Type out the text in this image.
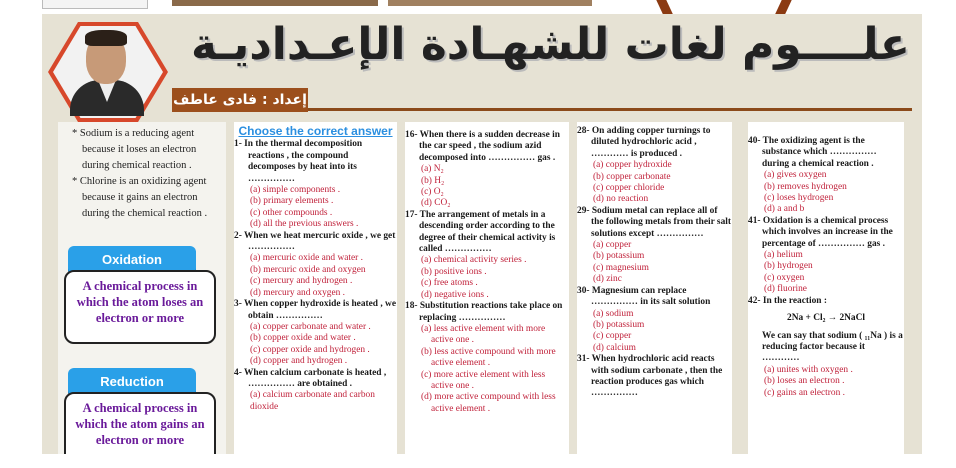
علــــوم لغات للشهـادة الإعـداديـة
إعداد : فادى عاطف

* Sodium is a reducing agent

because it loses an electron

during chemical reaction .

* Chlorine is an oxidizing agent

because it gains an electron

during the chemical reaction .

Oxidation
A chemical process in which the atom loses an electron or more
Reduction
A chemical process in which the atom gains an electron or more
Choose the correct answer

1- In the thermal decomposition reactions , the compound decomposes by heat into its ……………

(a) simple components .

(b) primary elements .

(c) other compounds .

(d) all the previous answers .

2- When we heat mercuric oxide , we get ……………

(a) mercuric oxide and water .

(b) mercuric oxide and oxygen

(c) mercury and hydrogen .

(d) mercury and oxygen .

3- When copper hydroxide is heated , we obtain ……………

(a) copper carbonate and water .

(b) copper oxide and water .

(c) copper oxide and hydrogen .

(d) copper and hydrogen .

4- When calcium carbonate is heated , …………… are obtained .

(a) calcium carbonate and carbon dioxide

16- When there is a sudden decrease in the car speed , the sodium azid decomposed into …………… gas .

(a) N₂

(b) H₂

(c) O₂

(d) CO₂

17- The arrangement of metals in a descending order according to the degree of their chemical activity is called ……………

(a) chemical activity series .

(b) positive ions .

(c) free atoms .

(d) negative ions .

18- Substitution reactions take place on replacing ……………

(a) less active element with more

active one .

(b) less active compound with more

active element .

(c) more active element with less

active one .

(d) more active compound with less

active element .

28- On adding copper turnings to diluted hydrochloric acid , ………… is produced .

(a) copper hydroxide

(b) copper carbonate

(c) copper chloride

(d) no reaction

29- Sodium metal can replace all of the following metals from their salt solutions except ……………

(a) copper

(b) potassium

(c) magnesium

(d) zinc

30- Magnesium can replace …………… in its salt solution

(a) sodium

(b) potassium

(c) copper

(d) calcium

31- When hydrochloric acid reacts with sodium carbonate , then the reaction produces gas which ……………

40- The oxidizing agent is the substance which …………… during a chemical reaction .

(a) gives oxygen

(b) removes hydrogen

(c) loses hydrogen

(d) a and b

41- Oxidation is a chemical process which involves an increase in the percentage of …………… gas .

(a) helium

(b) hydrogen

(c) oxygen

(d) fluorine

42- In the reaction :

2Na + Cl₂ → 2NaCl

We can say that sodium ( ₁₁Na ) is a reducing factor because it …………

(a) unites with oxygen .

(b) loses an electron .

(c) gains an electron .
